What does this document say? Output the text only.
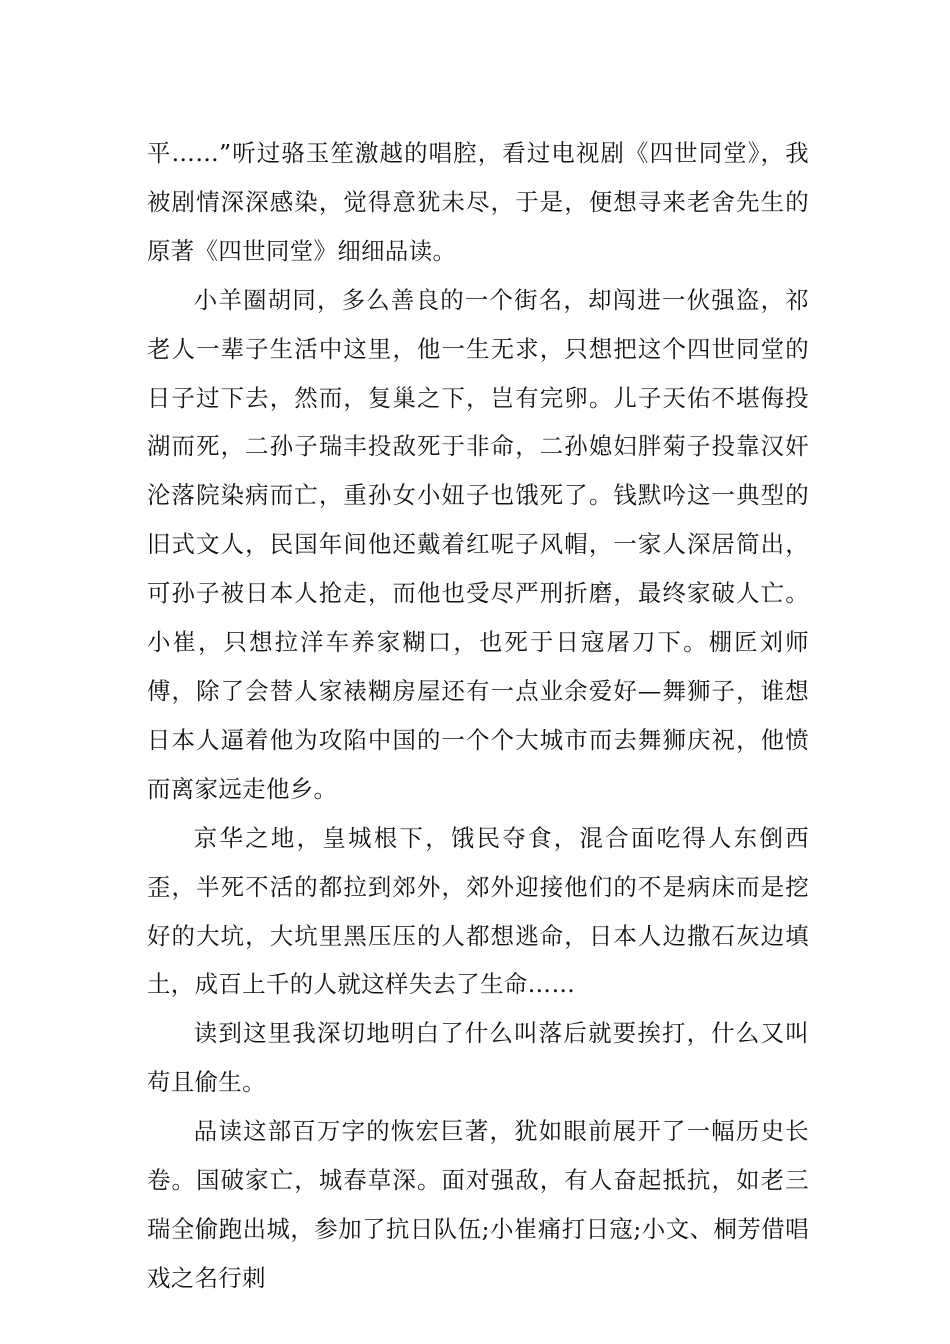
平……”听过骆玉笙激越的唱腔，看过电视剧《四世同堂》，我被剧情深深感染，觉得意犹未尽，于是，便想寻来老舍先生的原著《四世同堂》细细品读。

小羊圈胡同，多么善良的一个街名，却闯进一伙强盗，祁老人一辈子生活中这里，他一生无求，只想把这个四世同堂的日子过下去，然而，复巢之下，岂有完卵。儿子天佑不堪侮投湖而死，二孙子瑞丰投敌死于非命，二孙媳妇胖菊子投靠汉奸沦落院染病而亡，重孙女小妞子也饿死了。钱默吟这一典型的旧式文人，民国年间他还戴着红呢子风帽，一家人深居简出，可孙子被日本人抢走，而他也受尽严刑折磨，最终家破人亡。小崔，只想拉洋车养家糊口，也死于日寇屠刀下。棚匠刘师傅，除了会替人家裱糊房屋还有一点业余爱好—舞狮子，谁想日本人逼着他为攻陷中国的一个个大城市而去舞狮庆祝，他愤而离家远走他乡。

京华之地，皇城根下，饿民夺食，混合面吃得人东倒西歪，半死不活的都拉到郊外，郊外迎接他们的不是病床而是挖好的大坑，大坑里黑压压的人都想逃命，日本人边撒石灰边填土，成百上千的人就这样失去了生命……

读到这里我深切地明白了什么叫落后就要挨打，什么又叫苟且偷生。

品读这部百万字的恢宏巨著，犹如眼前展开了一幅历史长卷。国破家亡，城春草深。面对强敌，有人奋起抵抗，如老三瑞全偷跑出城，参加了抗日队伍;小崔痛打日寇;小文、桐芳借唱戏之名行刺
